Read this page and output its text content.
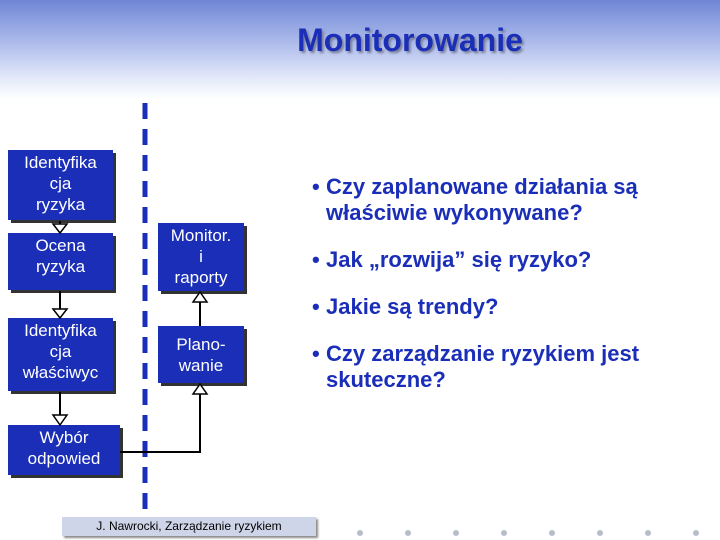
Monitorowanie
Identyfika
cja
ryzyka
Ocena
ryzyka
Identyfika
cja
właściwyc
Wybór
odpowied
Monitor.
i
raporty
Plano-
wanie
• Czy zaplanowane działania są właściwie wykonywane?
• Jak „rozwija” się ryzyko?
• Jakie są trendy?
• Czy zarządzanie ryzykiem jest skuteczne?
J. Nawrocki, Zarządzanie ryzykiem
